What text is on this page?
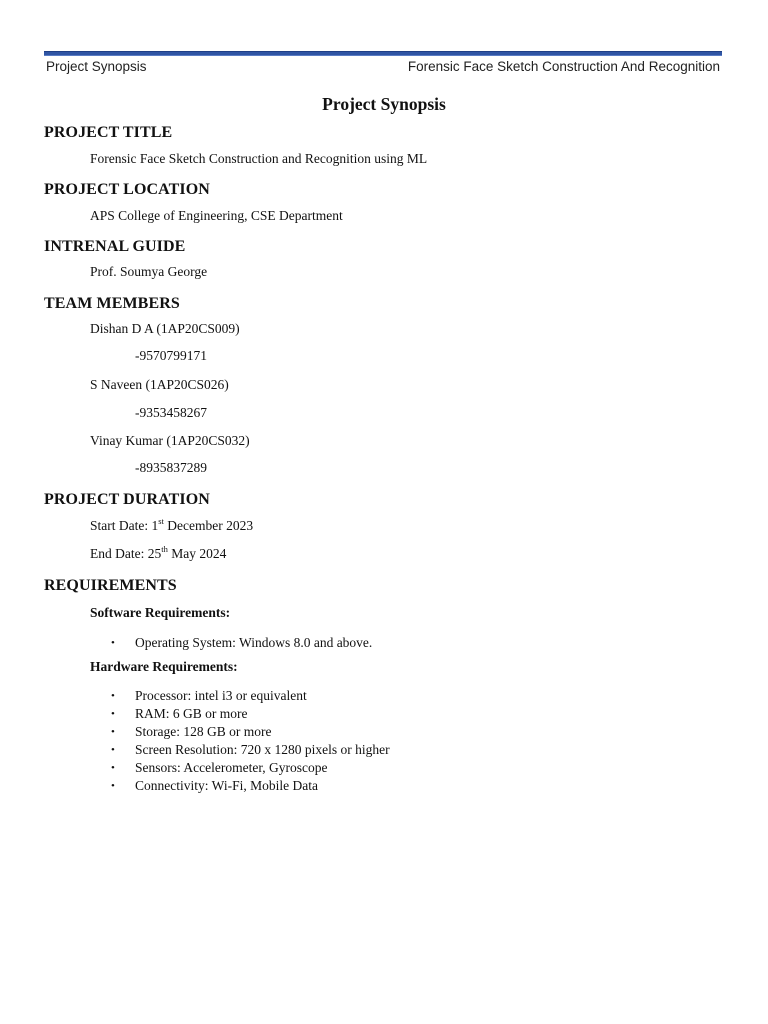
Project Synopsis	Forensic Face Sketch Construction And Recognition
Project Synopsis
PROJECT TITLE
Forensic Face Sketch Construction and Recognition using ML
PROJECT LOCATION
APS College of Engineering, CSE Department
INTRENAL GUIDE
Prof. Soumya George
TEAM MEMBERS
Dishan D A (1AP20CS009)
-9570799171
S Naveen (1AP20CS026)
-9353458267
Vinay Kumar (1AP20CS032)
-8935837289
PROJECT DURATION
Start Date: 1st December 2023
End Date: 25th May 2024
REQUIREMENTS
Software Requirements:
• Operating System: Windows 8.0 and above.
Hardware Requirements:
• Processor: intel i3 or equivalent
• RAM: 6 GB or more
• Storage: 128 GB or more
• Screen Resolution: 720 x 1280 pixels or higher
• Sensors: Accelerometer, Gyroscope
• Connectivity: Wi-Fi, Mobile Data
